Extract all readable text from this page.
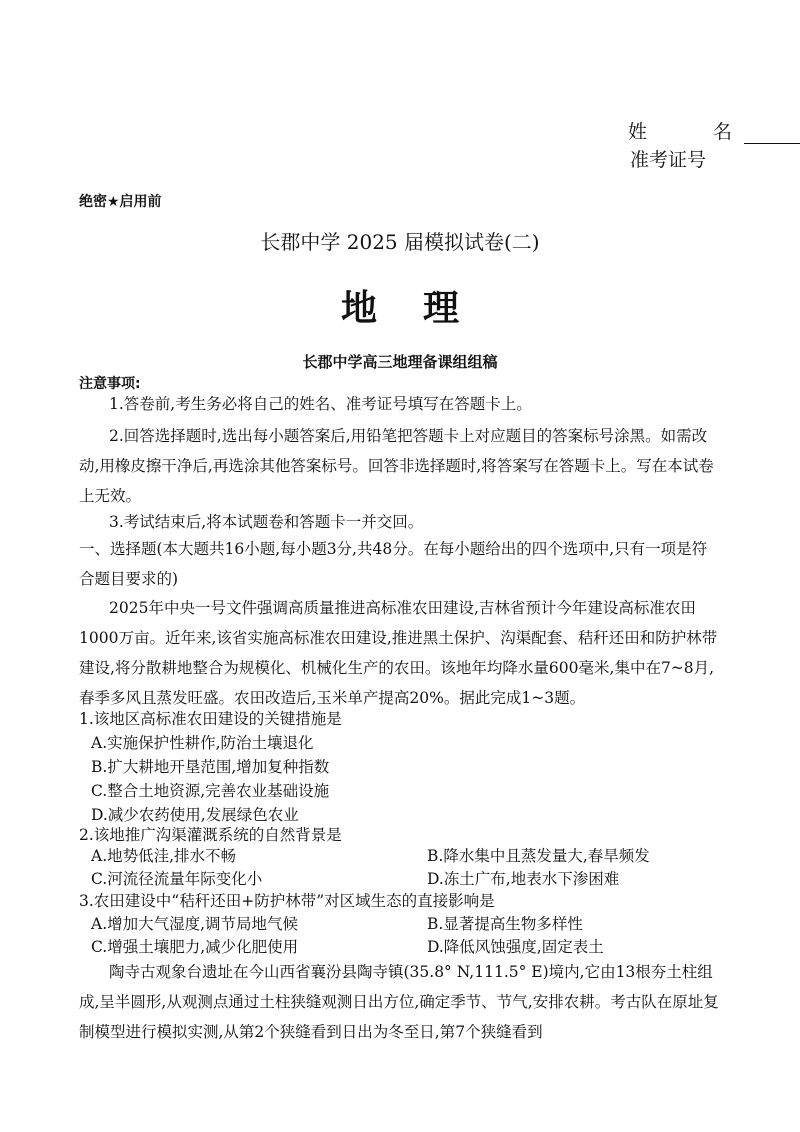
姓 名
准考证号
绝密★启用前
长郡中学 2025 届模拟试卷(二)
地理
长郡中学高三地理备课组组稿
注意事项:
1.答卷前,考生务必将自己的姓名、准考证号填写在答题卡上。
2.回答选择题时,选出每小题答案后,用铅笔把答题卡上对应题目的答案标号涂黑。如需改动,用橡皮擦干净后,再选涂其他答案标号。回答非选择题时,将答案写在答题卡上。写在本试卷上无效。
3.考试结束后,将本试题卷和答题卡一并交回。
一、选择题(本大题共16小题,每小题3分,共48分。在每小题给出的四个选项中,只有一项是符合题目要求的)
2025年中央一号文件强调高质量推进高标准农田建设,吉林省预计今年建设高标准农田1000万亩。近年来,该省实施高标准农田建设,推进黑土保护、沟渠配套、秸秆还田和防护林带建设,将分散耕地整合为规模化、机械化生产的农田。该地年均降水量600毫米,集中在7~8月,春季多风且蒸发旺盛。农田改造后,玉米单产提高20%。据此完成1~3题。
1.该地区高标准农田建设的关键措施是
A.实施保护性耕作,防治土壤退化
B.扩大耕地开垦范围,增加复种指数
C.整合土地资源,完善农业基础设施
D.减少农药使用,发展绿色农业
2.该地推广沟渠灌溉系统的自然背景是
A.地势低洼,排水不畅	B.降水集中且蒸发量大,春旱频发
C.河流径流量年际变化小	D.冻土广布,地表水下渗困难
3.农田建设中“秸秆还田+防护林带”对区域生态的直接影响是
A.增加大气湿度,调节局地气候	B.显著提高生物多样性
C.增强土壤肥力,减少化肥使用	D.降低风蚀强度,固定表土
陶寺古观象台遗址在今山西省襄汾县陶寺镇(35.8° N,111.5° E)境内,它由13根夯土柱组成,呈半圆形,从观测点通过土柱狭缝观测日出方位,确定季节、节气,安排农耕。考古队在原址复制模型进行模拟实测,从第2个狭缝看到日出为冬至日,第7个狭缝看到
